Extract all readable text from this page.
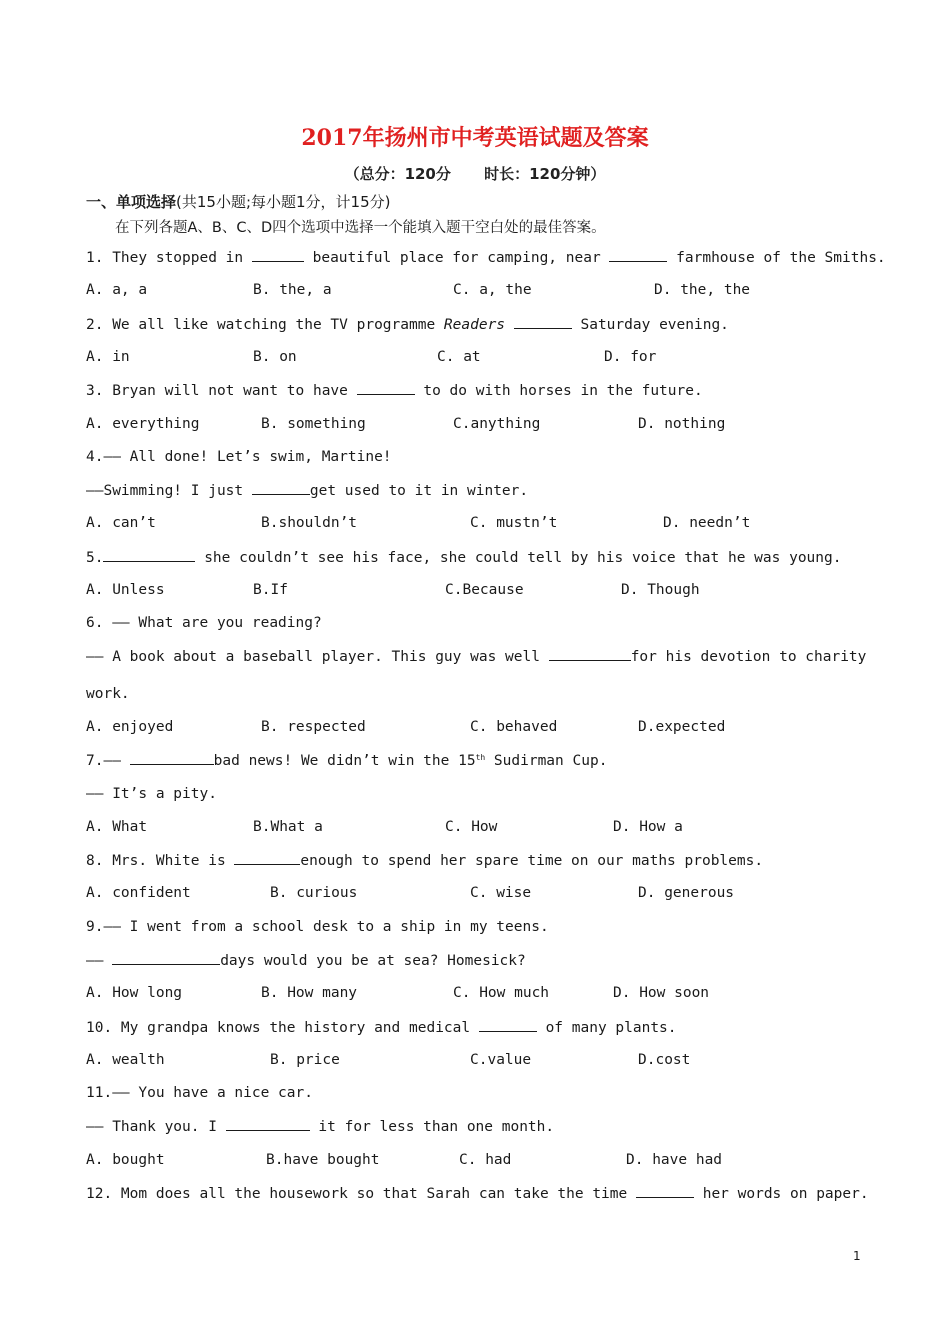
2017年扬州市中考英语试题及答案
（总分：120分 时长：120分钟）
一、单项选择(共15小题;每小题1分，计15分)
在下列各题A、B、C、D四个选项中选择一个能填入题干空白处的最佳答案。
1. They stopped in	beautiful place for camping, near	farmhouse of the Smiths.
A. a, a	B. the, a	C. a, the	D. the, the
2. We all like watching the TV programme Readers	Saturday evening.
A. in	B. on	C. at	D. for
3. Bryan will not want to have	to do with horses in the future.
A. everything	B. something	C.anything	D. nothing
4.—— All done! Let’s swim, Martine!
——Swimming! I just	get used to it in winter.
A. can’t	B.shouldn’t	C. mustn’t	D. needn’t
5.	she couldn’t see his face, she could tell by his voice that he was young.
A. Unless	B.If	C.Because	D. Though
6. —— What are you reading?
—— A book about a baseball player. This guy was well	for his devotion to charity
work.
A. enjoyed	B. respected	C. behaved	D.expected
7.——	bad news! We didn’t win the 15th Sudirman Cup.
—— It’s a pity.
A. What	B.What a	C. How	D. How a
8. Mrs. White is	enough to spend her spare time on our maths problems.
A. confident	B. curious	C. wise	D. generous
9.—— I went from a school desk to a ship in my teens.
——	days would you be at sea? Homesick?
A. How long	B. How many	C. How much	D. How soon
10. My grandpa knows the history and medical	of many plants.
A. wealth	B. price	C.value	D.cost
11.—— You have a nice car.
—— Thank you. I	it for less than one month.
A. bought	B.have bought	C. had	D. have had
12. Mom does all the housework so that Sarah can take the time	her words on paper.
1
